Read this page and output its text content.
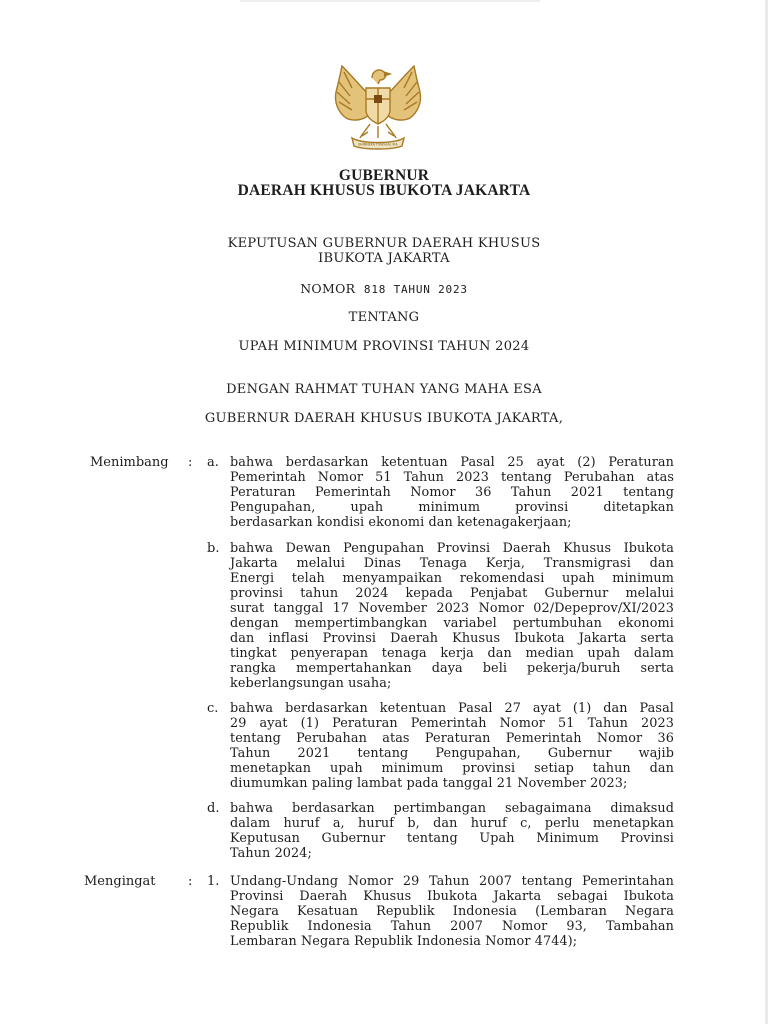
BHINNEKA TUNGGAL IKA
GUBERNUR
DAERAH KHUSUS IBUKOTA JAKARTA
KEPUTUSAN GUBERNUR DAERAH KHUSUS
IBUKOTA JAKARTA
NOMOR 818 TAHUN 2023
TENTANG
UPAH MINIMUM PROVINSI TAHUN 2024
DENGAN RAHMAT TUHAN YANG MAHA ESA
GUBERNUR DAERAH KHUSUS IBUKOTA JAKARTA,
Menimbang : a. bahwa berdasarkan ketentuan Pasal 25 ayat (2) Peraturan
Pemerintah Nomor 51 Tahun 2023 tentang Perubahan atas
Peraturan Pemerintah Nomor 36 Tahun 2021 tentang
Pengupahan, upah minimum provinsi ditetapkan
berdasarkan kondisi ekonomi dan ketenagakerjaan;
b. bahwa Dewan Pengupahan Provinsi Daerah Khusus Ibukota
Jakarta melalui Dinas Tenaga Kerja, Transmigrasi dan
Energi telah menyampaikan rekomendasi upah minimum
provinsi tahun 2024 kepada Penjabat Gubernur melalui
surat tanggal 17 November 2023 Nomor 02/Depeprov/XI/2023
dengan mempertimbangkan variabel pertumbuhan ekonomi
dan inflasi Provinsi Daerah Khusus Ibukota Jakarta serta
tingkat penyerapan tenaga kerja dan median upah dalam
rangka mempertahankan daya beli pekerja/buruh serta
keberlangsungan usaha;
c. bahwa berdasarkan ketentuan Pasal 27 ayat (1) dan Pasal
29 ayat (1) Peraturan Pemerintah Nomor 51 Tahun 2023
tentang Perubahan atas Peraturan Pemerintah Nomor 36
Tahun 2021 tentang Pengupahan, Gubernur wajib
menetapkan upah minimum provinsi setiap tahun dan
diumumkan paling lambat pada tanggal 21 November 2023;
d. bahwa berdasarkan pertimbangan sebagaimana dimaksud
dalam huruf a, huruf b, dan huruf c, perlu menetapkan
Keputusan Gubernur tentang Upah Minimum Provinsi
Tahun 2024;
Mengingat : 1. Undang-Undang Nomor 29 Tahun 2007 tentang Pemerintahan
Provinsi Daerah Khusus Ibukota Jakarta sebagai Ibukota
Negara Kesatuan Republik Indonesia (Lembaran Negara
Republik Indonesia Tahun 2007 Nomor 93, Tambahan
Lembaran Negara Republik Indonesia Nomor 4744);
